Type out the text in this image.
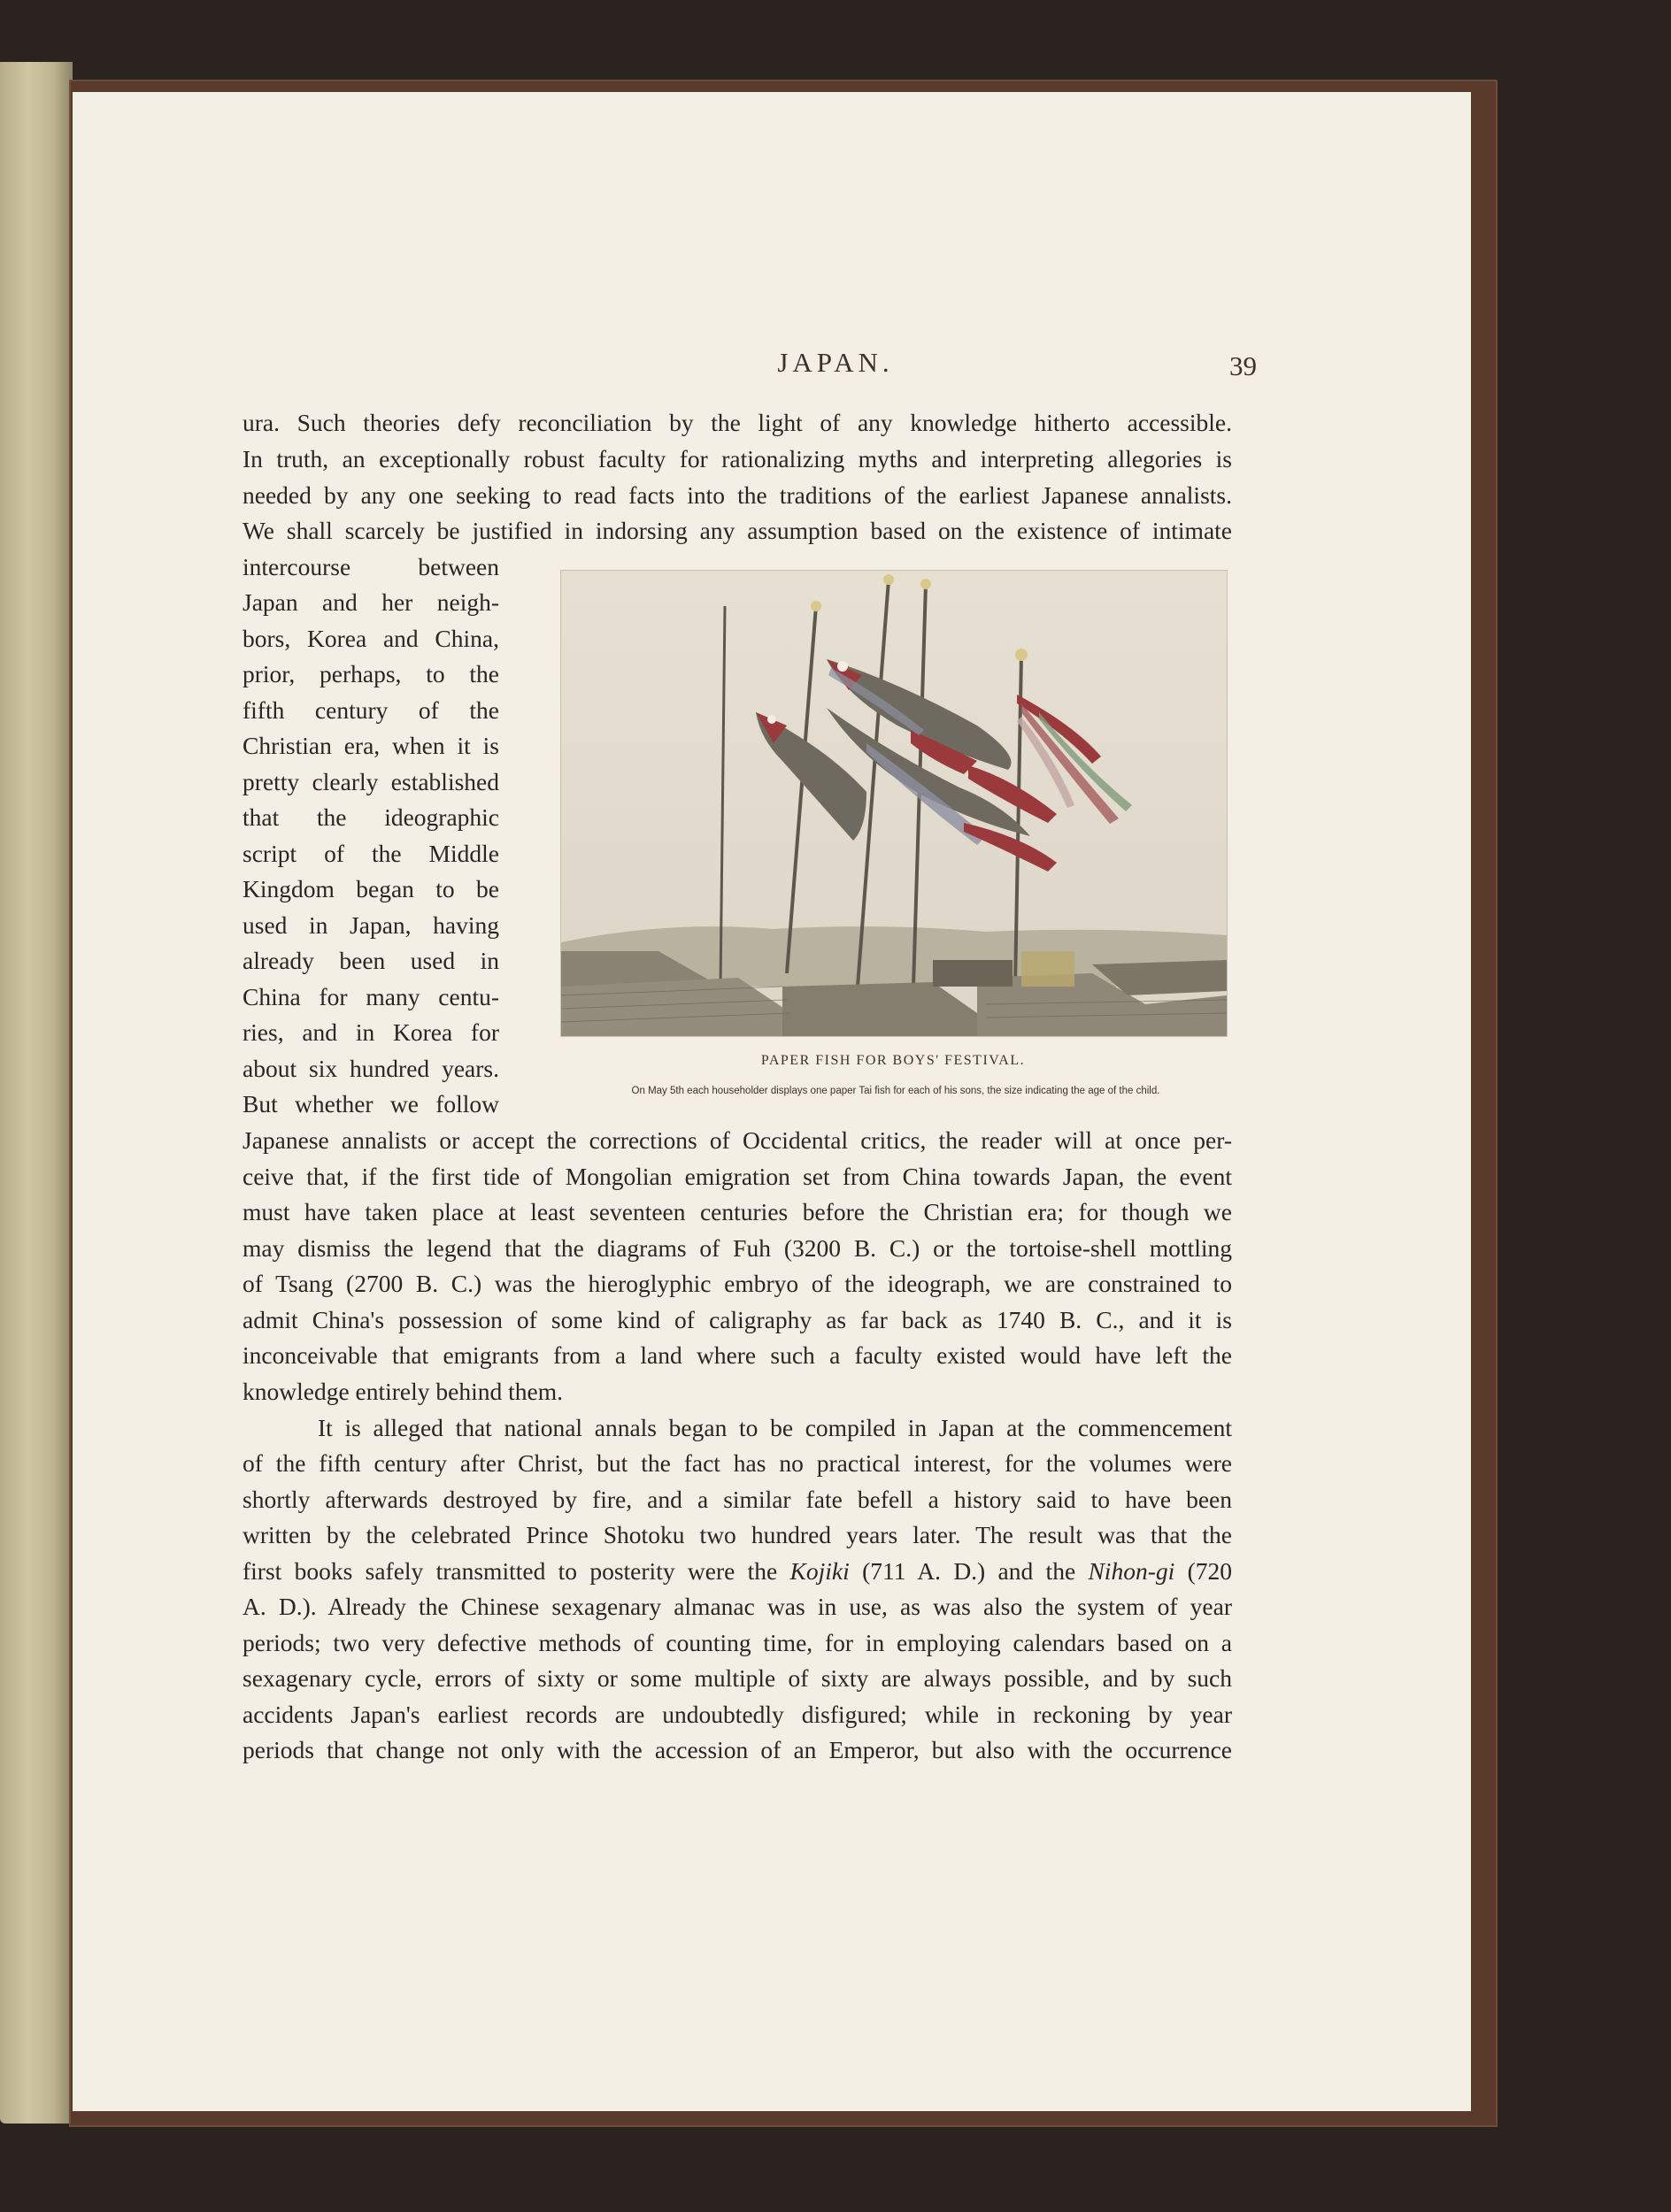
JAPAN.	39
ura. Such theories defy reconciliation by the light of any knowledge hitherto accessible.
In truth, an exceptionally robust faculty for rationalizing myths and interpreting allegories is
needed by any one seeking to read facts into the traditions of the earliest Japanese annalists.
We shall scarcely be justified in indorsing any assumption based on the existence of intimate
intercourse between
Japan and her neigh-
bors, Korea and China,
prior, perhaps, to the
fifth century of the
Christian era, when it is
pretty clearly established
that the ideographic
script of the Middle
Kingdom began to be
used in Japan, having
already been used in
China for many centu-
ries, and in Korea for
about six hundred years.
But whether we follow
PAPER FISH FOR BOYS' FESTIVAL.
On May 5th each householder displays one paper Tai fish for each of his sons, the size indicating the age of the child.
Japanese annalists or accept the corrections of Occidental critics, the reader will at once per-
ceive that, if the first tide of Mongolian emigration set from China towards Japan, the event
must have taken place at least seventeen centuries before the Christian era; for though we
may dismiss the legend that the diagrams of Fuh (3200 B. C.) or the tortoise-shell mottling
of Tsang (2700 B. C.) was the hieroglyphic embryo of the ideograph, we are constrained to
admit China's possession of some kind of caligraphy as far back as 1740 B. C., and it is
inconceivable that emigrants from a land where such a faculty existed would have left the
knowledge entirely behind them.
It is alleged that national annals began to be compiled in Japan at the commencement
of the fifth century after Christ, but the fact has no practical interest, for the volumes were
shortly afterwards destroyed by fire, and a similar fate befell a history said to have been
written by the celebrated Prince Shotoku two hundred years later. The result was that the
first books safely transmitted to posterity were the Kojiki (711 A. D.) and the Nihon-gi (720
A. D.). Already the Chinese sexagenary almanac was in use, as was also the system of year
periods; two very defective methods of counting time, for in employing calendars based on a
sexagenary cycle, errors of sixty or some multiple of sixty are always possible, and by such
accidents Japan's earliest records are undoubtedly disfigured; while in reckoning by year
periods that change not only with the accession of an Emperor, but also with the occurrence
